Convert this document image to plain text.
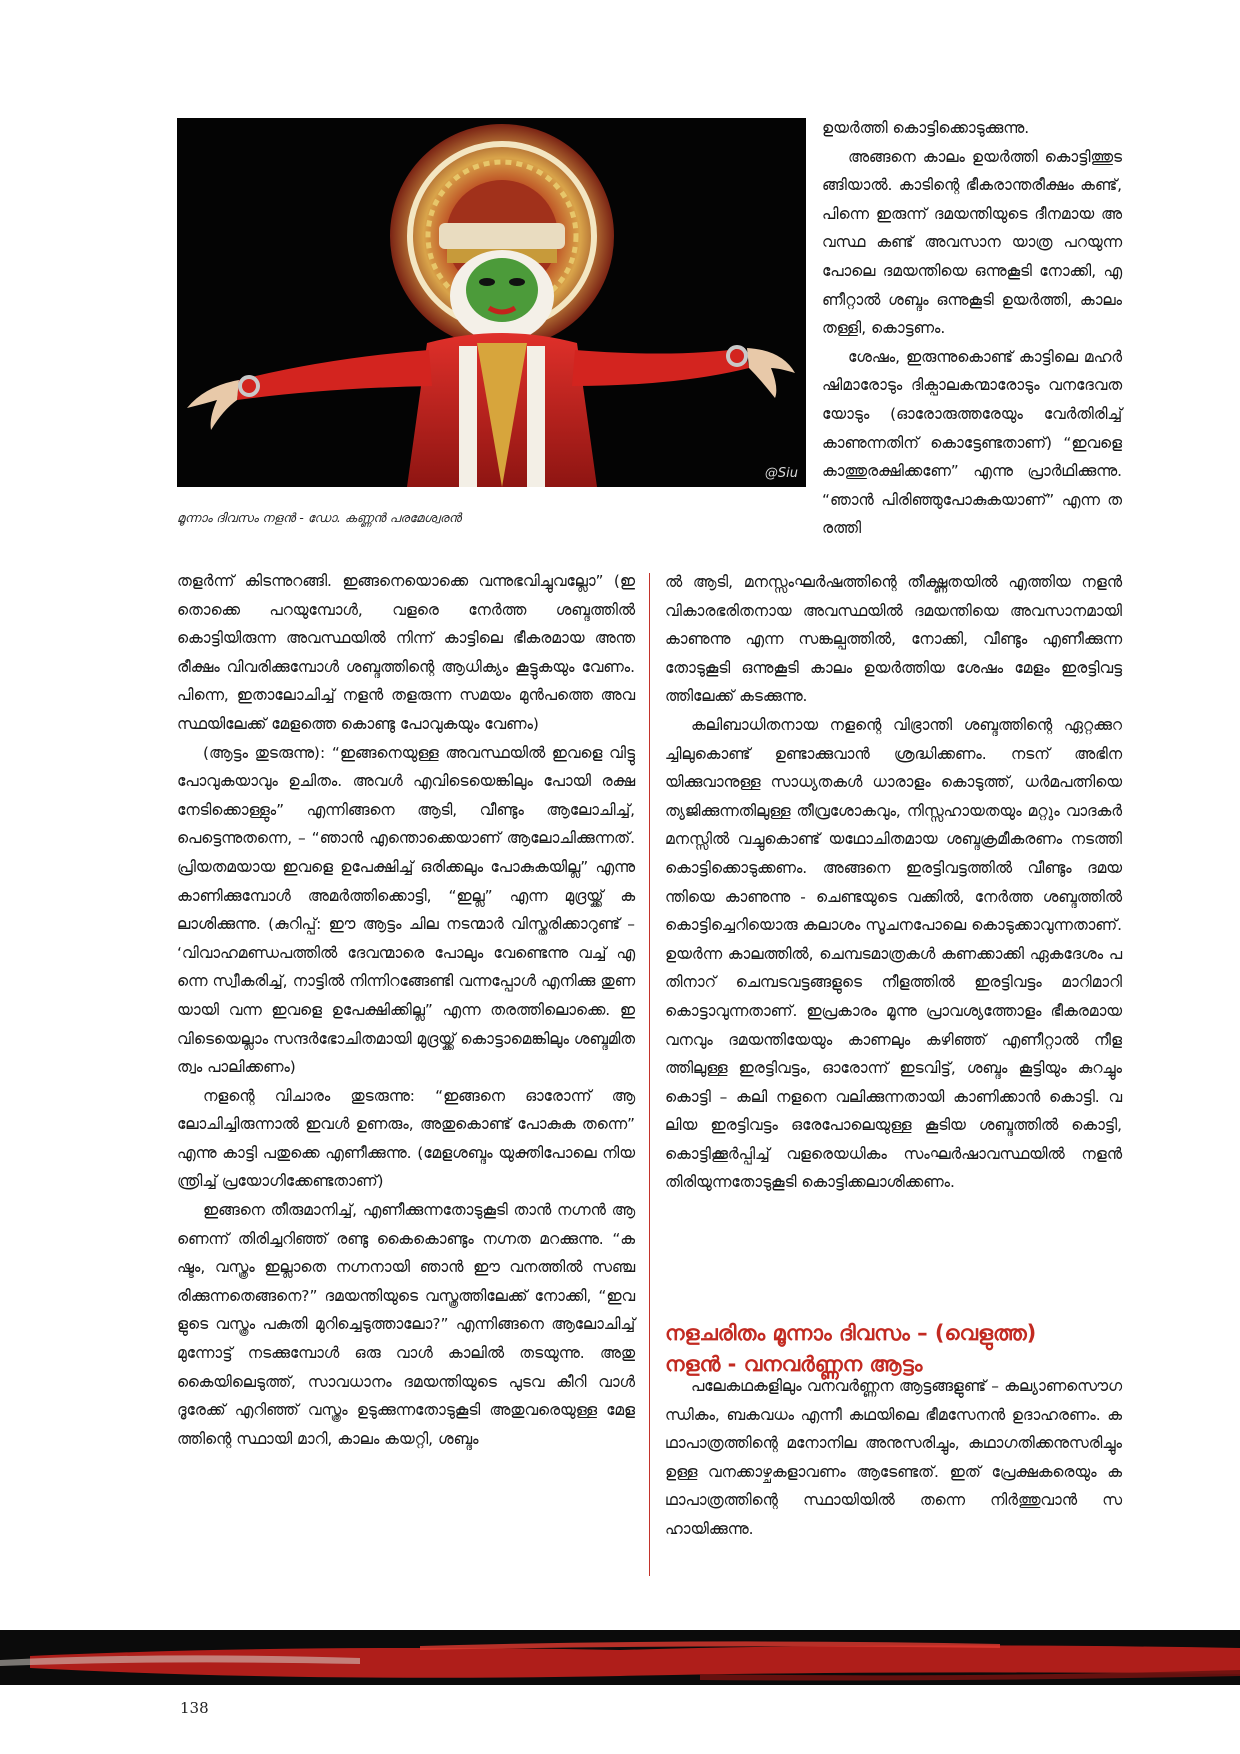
@Siu
മൂന്നാം ദിവസം നളൻ - ഡോ. കണ്ണൻ പരമേശ്വരൻ

ഉയർത്തി കൊട്ടിക്കൊടുക്കുന്നു.

അങ്ങനെ കാലം ഉയർത്തി കൊട്ടിത്തുടങ്ങിയാൽ. കാടിന്റെ ഭീകരാന്തരീക്ഷം കണ്ട്, പിന്നെ ഇരുന്ന് ദമയന്തിയുടെ ദീനമായ അവസ്ഥ കണ്ട് അവസാന യാത്ര പറയുന്നപോലെ ദമയന്തിയെ ഒന്നുകൂടി നോക്കി, എണീറ്റാൽ ശബ്ദം ഒന്നുകൂടി ഉയർത്തി, കാലം തള്ളി, കൊട്ടണം.

ശേഷം, ഇരുന്നുകൊണ്ട് കാട്ടിലെ മഹർഷിമാരോടും ദിക്പാലകന്മാരോടും വനദേവതയോടും (ഓരോരുത്തരേയും വേർതിരിച്ച് കാണുന്നതിന് കൊട്ടേണ്ടതാണ്) “ഇവളെ കാത്തുരക്ഷിക്കണേ” എന്നു പ്രാർഥിക്കുന്നു. “ഞാൻ പിരിഞ്ഞുപോകുകയാണ്” എന്ന തരത്തി

തളർന്ന് കിടന്നുറങ്ങി. ഇങ്ങനെയൊക്കെ വന്നുഭവിച്ചുവല്ലോ” (ഇതൊക്കെ പറയുമ്പോൾ, വളരെ നേർത്ത ശബ്ദത്തിൽ കൊട്ടിയിരുന്ന അവസ്ഥയിൽ നിന്ന് കാട്ടിലെ ഭീകരമായ അന്തരീക്ഷം വിവരിക്കുമ്പോൾ ശബ്ദത്തിന്റെ ആധിക്യം കൂട്ടുകയും വേണം. പിന്നെ, ഇതാലോചിച്ച് നളൻ തളരുന്ന സമയം മുൻപത്തെ അവസ്ഥയിലേക്ക് മേളത്തെ കൊണ്ടു പോവുകയും വേണം)

(ആട്ടം തുടരുന്നു): “ഇങ്ങനെയുള്ള അവസ്ഥയിൽ ഇവളെ വിട്ടു പോവുകയാവും ഉചിതം. അവൾ എവിടെയെങ്കിലും പോയി രക്ഷ നേടിക്കൊള്ളും” എന്നിങ്ങനെ ആടി, വീണ്ടും ആലോചിച്ച്, പെട്ടെന്നുതന്നെ, – “ഞാൻ എന്തൊക്കെയാണ് ആലോചിക്കുന്നത്. പ്രിയതമയായ ഇവളെ ഉപേക്ഷിച്ച് ഒരിക്കലും പോകുകയില്ല” എന്നു കാണിക്കുമ്പോൾ അമർത്തിക്കൊട്ടി, “ഇല്ല” എന്ന മുദ്രയ്ക്ക് കലാശിക്കുന്നു. (കുറിപ്പ്: ഈ ആട്ടം ചില നടന്മാർ വിസ്തരിക്കാറുണ്ട് – ‘വിവാഹമണ്ഡപത്തിൽ ദേവന്മാരെ പോലും വേണ്ടെന്നു വച്ച് എന്നെ സ്വീകരിച്ച്, നാട്ടിൽ നിന്നിറങ്ങേണ്ടി വന്നപ്പോൾ എനിക്കു തുണയായി വന്ന ഇവളെ ഉപേക്ഷിക്കില്ല” എന്ന തരത്തിലൊക്കെ. ഇവിടെയെല്ലാം സന്ദർഭോചിതമായി മുദ്രയ്ക്ക് കൊട്ടാമെങ്കിലും ശബ്ദമിതത്വം പാലിക്കണം)

നളന്റെ വിചാരം തുടരുന്നു: “ഇങ്ങനെ ഓരോന്ന് ആലോചിച്ചിരുന്നാൽ ഇവൾ ഉണരും, അതുകൊണ്ട് പോകുക തന്നെ” എന്നു കാട്ടി പതുക്കെ എണീക്കുന്നു. (മേളശബ്ദം യുക്തിപോലെ നിയന്ത്രിച്ച് പ്രയോഗിക്കേണ്ടതാണ്)

ഇങ്ങനെ തീരുമാനിച്ച്, എണീക്കുന്നതോടുകൂടി താൻ നഗ്നൻ ആണെന്ന് തിരിച്ചറിഞ്ഞ് രണ്ടു കൈകൊണ്ടും നഗ്നത മറക്കുന്നു. “കഷ്ടം, വസ്ത്രം ഇല്ലാതെ നഗ്നനായി ഞാൻ ഈ വനത്തിൽ സഞ്ചരിക്കുന്നതെങ്ങനെ?” ദമയന്തിയുടെ വസ്ത്രത്തിലേക്ക് നോക്കി, “ഇവളുടെ വസ്ത്രം പകുതി മുറിച്ചെടുത്താലോ?” എന്നിങ്ങനെ ആലോചിച്ച് മുന്നോട്ട് നടക്കുമ്പോൾ ഒരു വാൾ കാലിൽ തടയുന്നു. അതു കൈയിലെടുത്ത്, സാവധാനം ദമയന്തിയുടെ പുടവ കീറി വാൾ ദൂരേക്ക് എറിഞ്ഞ് വസ്ത്രം ഉടുക്കുന്നതോടുകൂടി അതുവരെയുള്ള മേളത്തിന്റെ സ്ഥായി മാറി, കാലം കയറ്റി, ശബ്ദം

ൽ ആടി, മനസ്സംഘർഷത്തിന്റെ തീക്ഷ്ണതയിൽ എത്തിയ നളൻ വികാരഭരിതനായ അവസ്ഥയിൽ ദമയന്തിയെ അവസാനമായി കാണുന്നു എന്ന സങ്കല്പത്തിൽ, നോക്കി, വീണ്ടും എണീക്കുന്നതോടുകൂടി ഒന്നുകൂടി കാലം ഉയർത്തിയ ശേഷം മേളം ഇരട്ടിവട്ടത്തിലേക്ക് കടക്കുന്നു.

കലിബാധിതനായ നളന്റെ വിഭ്രാന്തി ശബ്ദത്തിന്റെ ഏറ്റക്കുറച്ചിലുകൊണ്ട് ഉണ്ടാക്കുവാൻ ശ്രദ്ധിക്കണം. നടന് അഭിനയിക്കുവാനുള്ള സാധ്യതകൾ ധാരാളം കൊടുത്ത്, ധർമപത്നിയെ ത്യജിക്കുന്നതിലുള്ള തീവ്രശോകവും, നിസ്സഹായതയും മറ്റും വാദകർ മനസ്സിൽ വച്ചുകൊണ്ട് യഥോചിതമായ ശബ്ദക്രമീകരണം നടത്തി കൊട്ടിക്കൊടുക്കണം. അങ്ങനെ ഇരട്ടിവട്ടത്തിൽ വീണ്ടും ദമയന്തിയെ കാണുന്നു - ചെണ്ടയുടെ വക്കിൽ, നേർത്ത ശബ്ദത്തിൽ കൊട്ടിച്ചെറിയൊരു കലാശം സൂചനപോലെ കൊടുക്കാവുന്നതാണ്. ഉയർന്ന കാലത്തിൽ, ചെമ്പടമാത്രകൾ കണക്കാക്കി ഏകദേശം പതിനാറ് ചെമ്പടവട്ടങ്ങളുടെ നീളത്തിൽ ഇരട്ടിവട്ടം മാറിമാറി കൊട്ടാവുന്നതാണ്. ഇപ്രകാരം മൂന്നു പ്രാവശ്യത്തോളം ഭീകരമായ വനവും ദമയന്തിയേയും കാണലും കഴിഞ്ഞ് എണീറ്റാൽ നീളത്തിലുള്ള ഇരട്ടിവട്ടം, ഓരോന്ന് ഇടവിട്ട്, ശബ്ദം കൂട്ടിയും കുറച്ചും കൊട്ടി – കലി നളനെ വലിക്കുന്നതായി കാണിക്കാൻ കൊട്ടി. വലിയ ഇരട്ടിവട്ടം ഒരേപോലെയുള്ള കൂടിയ ശബ്ദത്തിൽ കൊട്ടി, കൊട്ടിക്കൂർപ്പിച്ച് വളരെയധികം സംഘർഷാവസ്ഥയിൽ നളൻ തിരിയുന്നതോടുകൂടി കൊട്ടിക്കലാശിക്കണം.

നളചരിതം മൂന്നാം ദിവസം – (വെളുത്ത)
നളൻ - വനവർണ്ണന ആട്ടം

പലേകഥകളിലും വനവർണ്ണന ആട്ടങ്ങളുണ്ട് – കല്യാണസൌഗന്ധികം, ബകവധം എന്നീ കഥയിലെ ഭീമസേനൻ ഉദാഹരണം. കഥാപാത്രത്തിന്റെ മനോനില അനുസരിച്ചും, കഥാഗതിക്കനുസരിച്ചും ഉള്ള വനക്കാഴ്ചകളാവണം ആടേണ്ടത്. ഇത് പ്രേക്ഷകരെയും കഥാപാത്രത്തിന്റെ സ്ഥായിയിൽ തന്നെ നിർത്തുവാൻ സഹായിക്കുന്നു.

138
